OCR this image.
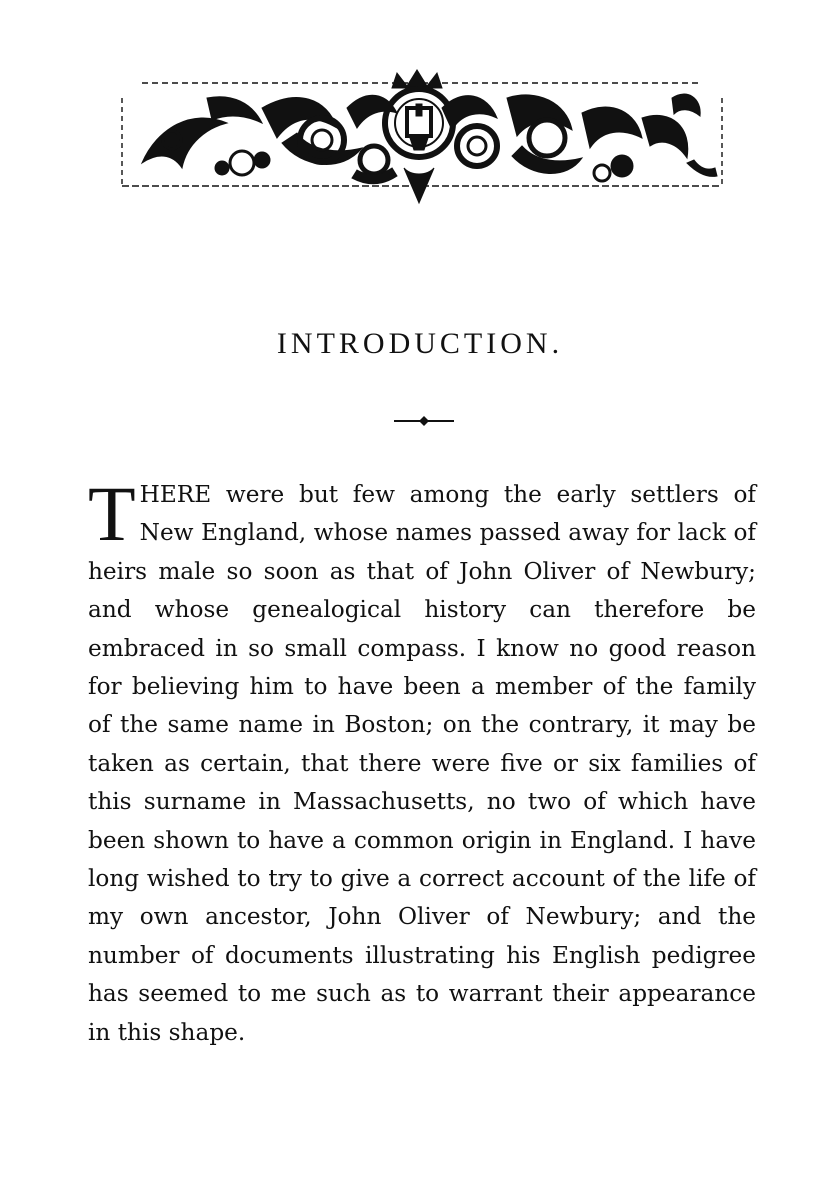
INTRODUCTION.

THERE were but few among the early settlers of New England, whose names passed away for lack of heirs male so soon as that of John Oliver of Newbury; and whose genealogical history can therefore be embraced in so small compass. I know no good reason for believing him to have been a member of the family of the same name in Boston; on the contrary, it may be taken as certain, that there were five or six families of this surname in Massachusetts, no two of which have been shown to have a common origin in England. I have long wished to try to give a correct account of the life of my own ancestor, John Oliver of Newbury; and the number of documents illustrating his English pedigree has seemed to me such as to warrant their appearance in this shape.
